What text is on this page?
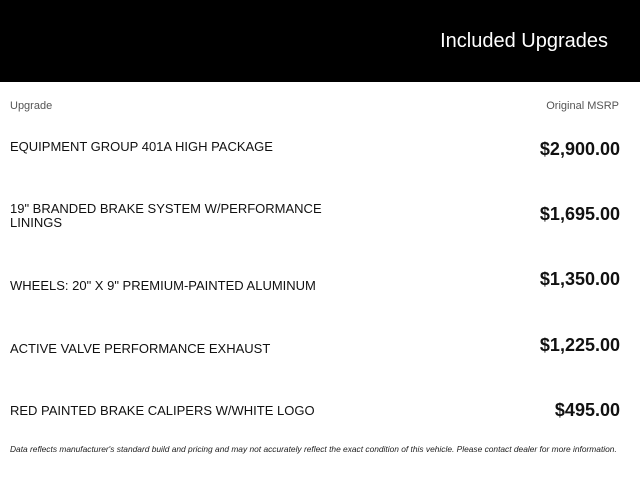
Included Upgrades
Upgrade	Original MSRP
EQUIPMENT GROUP 401A HIGH PACKAGE	$2,900.00
19" BRANDED BRAKE SYSTEM W/PERFORMANCE LININGS	$1,695.00
WHEELS: 20" X 9" PREMIUM-PAINTED ALUMINUM	$1,350.00
ACTIVE VALVE PERFORMANCE EXHAUST	$1,225.00
RED PAINTED BRAKE CALIPERS W/WHITE LOGO	$495.00
Data reflects manufacturer's standard build and pricing and may not accurately reflect the exact condition of this vehicle. Please contact dealer for more information.
